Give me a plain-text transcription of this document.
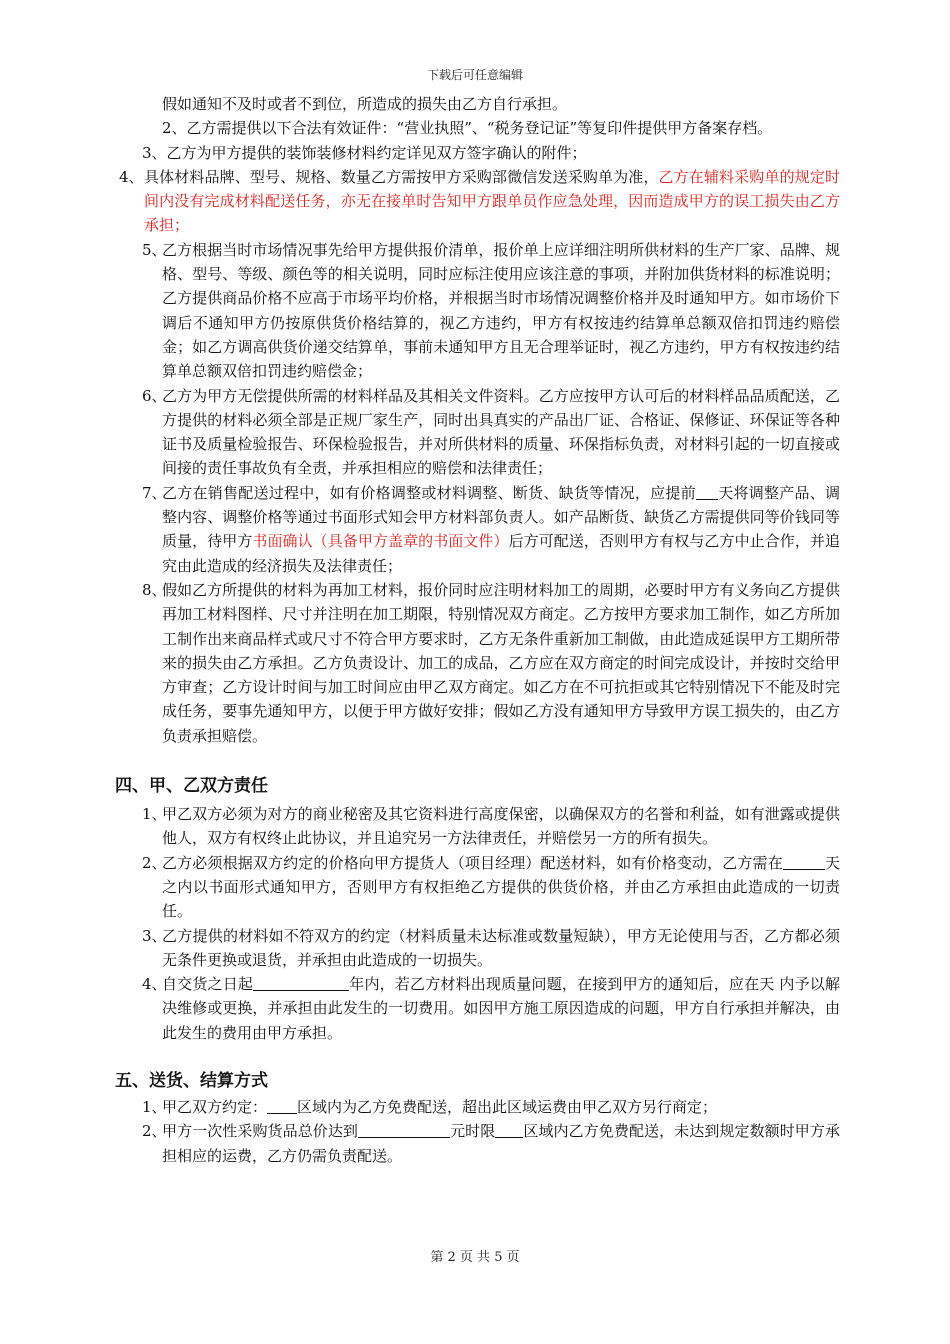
下载后可任意编辑

假如通知不及时或者不到位，所造成的损失由乙方自行承担。

2、乙方需提供以下合法有效证件：“营业执照”、“税务登记证”等复印件提供甲方备案存档。

3、乙方为甲方提供的装饰装修材料约定详见双方签字确认的附件；

4、 具体材料品牌、型号、规格、数量乙方需按甲方采购部微信发送采购单为准，乙方在辅料采购单的规定时间内没有完成材料配送任务，亦无在接单时告知甲方跟单员作应急处理，因而造成甲方的误工损失由乙方承担；

5、

乙方根据当时市场情况事先给甲方提供报价清单，报价单上应详细注明所供材料的生产厂家、品牌、规格、型号、等级、颜色等的相关说明，同时应标注使用应该注意的事项，并附加供货材料的标准说明；乙方提供商品价格不应高于市场平均价格，并根据当时市场情况调整价格并及时通知甲方。如市场价下调后不通知甲方仍按原供货价格结算的，视乙方违约，甲方有权按违约结算单总额双倍扣罚违约赔偿金；如乙方调高供货价递交结算单，事前未通知甲方且无合理举证时，视乙方违约，甲方有权按违约结算单总额双倍扣罚违约赔偿金；

6、

乙方为甲方无偿提供所需的材料样品及其相关文件资料。乙方应按甲方认可后的材料样品品质配送，乙方提供的材料必须全部是正规厂家生产，同时出具真实的产品出厂证、合格证、保修证、环保证等各种证书及质量检验报告、环保检验报告，并对所供材料的质量、环保指标负责，对材料引起的一切直接或间接的责任事故负有全责，并承担相应的赔偿和法律责任；

7、

乙方在销售配送过程中，如有价格调整或材料调整、断货、缺货等情况，应提前 天将调整产品、调整内容、调整价格等通过书面形式知会甲方材料部负责人。如产品断货、缺货乙方需提供同等价钱同等质量，待甲方书面确认（具备甲方盖章的书面文件）后方可配送，否则甲方有权与乙方中止合作，并追究由此造成的经济损失及法律责任；

8、

假如乙方所提供的材料为再加工材料，报价同时应注明材料加工的周期，必要时甲方有义务向乙方提供再加工材料图样、尺寸并注明在加工期限，特别情况双方商定。乙方按甲方要求加工制作，如乙方所加工制作出来商品样式或尺寸不符合甲方要求时，乙方无条件重新加工制做，由此造成延误甲方工期所带来的损失由乙方承担。乙方负责设计、加工的成品，乙方应在双方商定的时间完成设计，并按时交给甲方审查；乙方设计时间与加工时间应由甲乙双方商定。如乙方在不可抗拒或其它特别情况下不能及时完成任务，要事先通知甲方，以便于甲方做好安排；假如乙方没有通知甲方导致甲方误工损失的，由乙方负责承担赔偿。

四、甲、乙双方责任
1、

甲乙双方必须为对方的商业秘密及其它资料进行高度保密，以确保双方的名誉和利益，如有泄露或提供他人，双方有权终止此协议，并且追究另一方法律责任，并赔偿另一方的所有损失。

2、

乙方必须根据双方约定的价格向甲方提货人（项目经理）配送材料，如有价格变动，乙方需在	天之内以书面形式通知甲方，否则甲方有权拒绝乙方提供的供货价格，并由乙方承担由此造成的一切责任。

3、

乙方提供的材料如不符双方的约定（材料质量未达标准或数量短缺），甲方无论使用与否，乙方都必须无条件更换或退货，并承担由此造成的一切损失。

4、

自交货之日起	年内，若乙方材料出现质量问题，在接到甲方的通知后，应在天 内予以解决维修或更换，并承担由此发生的一切费用。如因甲方施工原因造成的问题，甲方自行承担并解决，由此发生的费用由甲方承担。

五、送货、结算方式
1、

甲乙双方约定： 区域内为乙方免费配送，超出此区域运费由甲乙双方另行商定；

2、

甲方一次性采购货品总价达到	元时限 区域内乙方免费配送，未达到规定数额时甲方承担相应的运费，乙方仍需负责配送。

第 2 页 共 5 页
